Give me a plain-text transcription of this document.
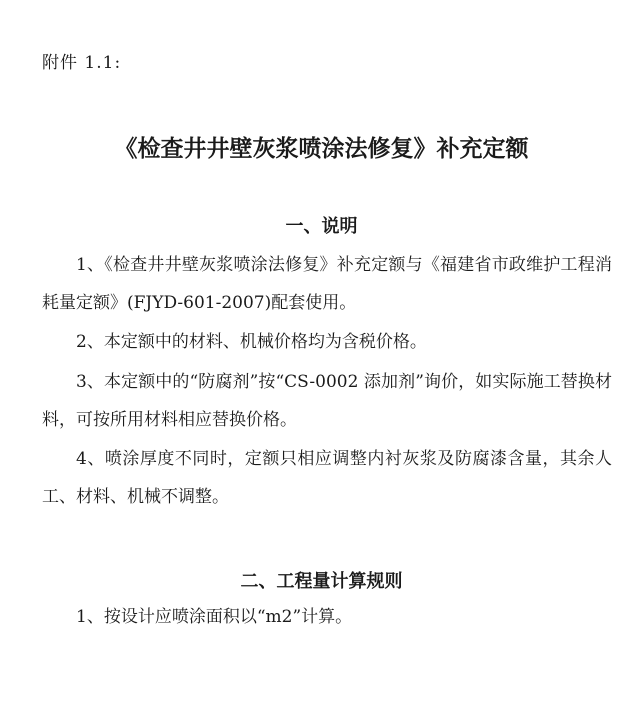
附件 1.1:
《检查井井壁灰浆喷涂法修复》补充定额
一、说明

1、《检查井井壁灰浆喷涂法修复》补充定额与《福建省市政维护工程消耗量定额》(FJYD-601-2007)配套使用。

2、本定额中的材料、机械价格均为含税价格。

3、本定额中的“防腐剂”按“CS-0002 添加剂”询价，如实际施工替换材料，可按所用材料相应替换价格。

4、喷涂厚度不同时，定额只相应调整内衬灰浆及防腐漆含量，其余人工、材料、机械不调整。

二、工程量计算规则

1、按设计应喷涂面积以“m2”计算。
